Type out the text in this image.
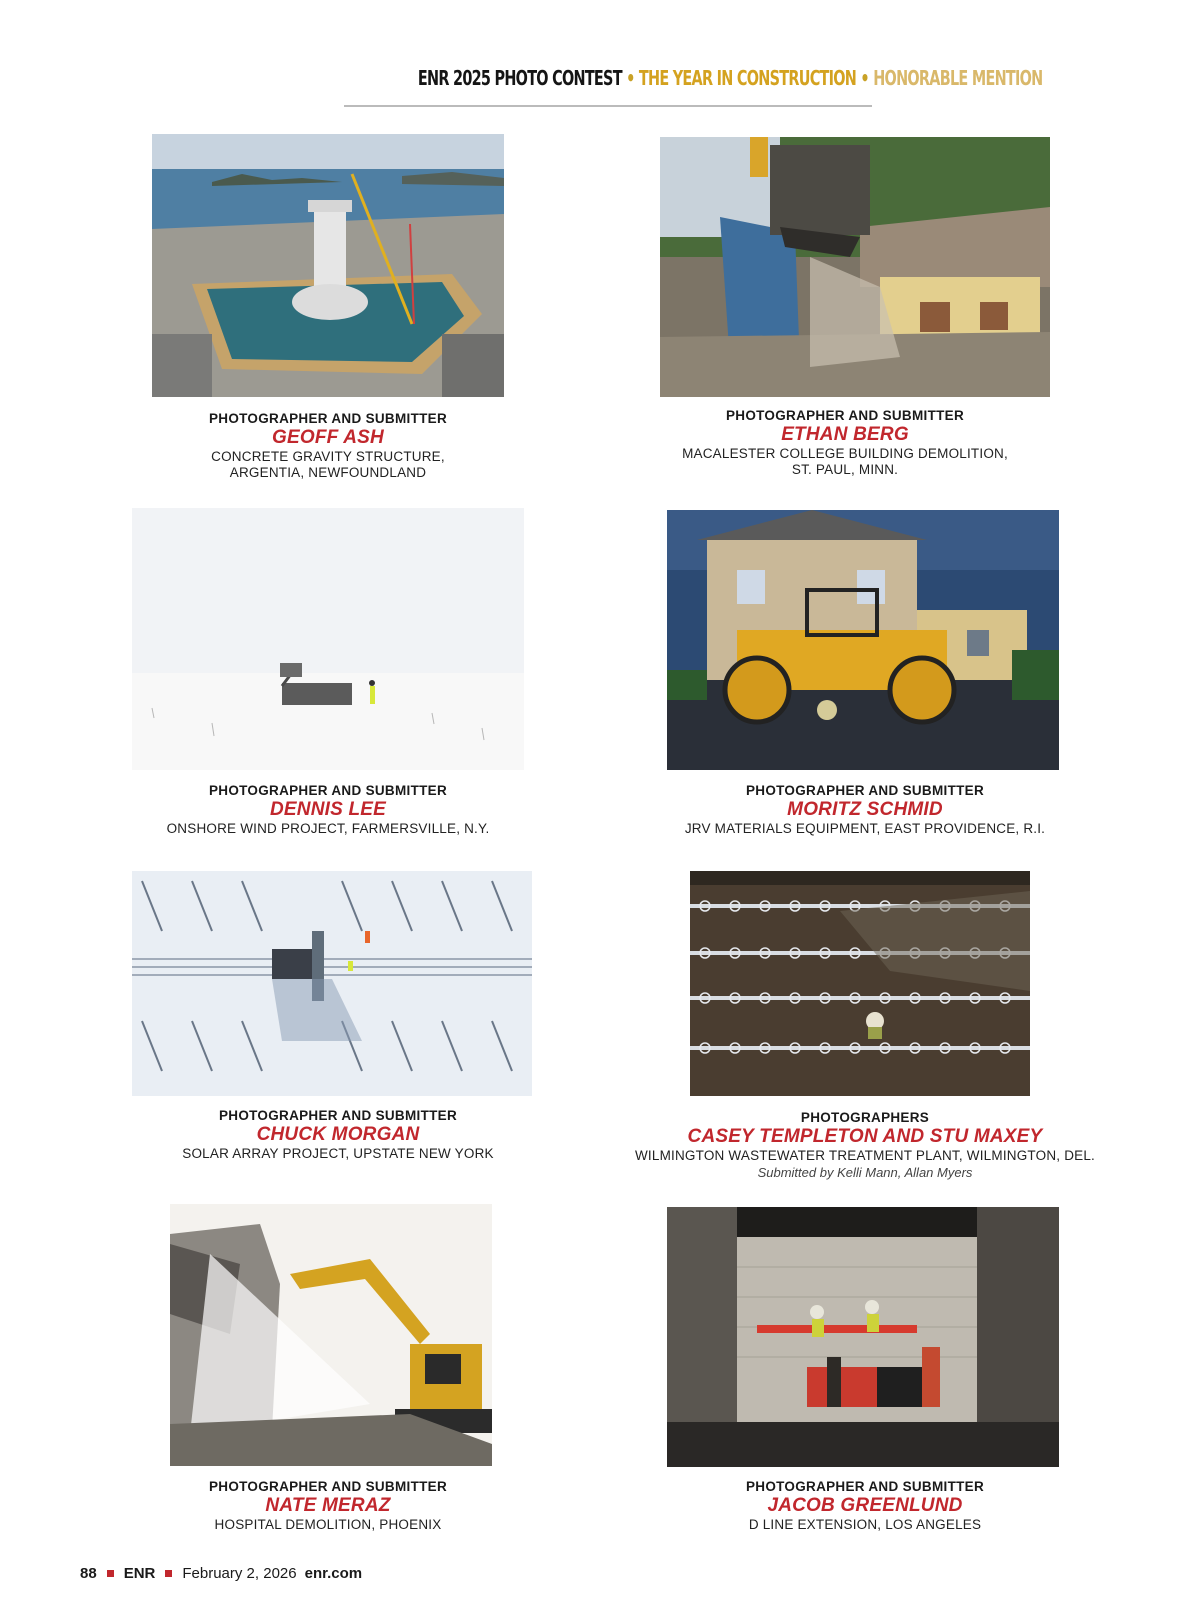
ENR 2025 PHOTO CONTEST • THE YEAR IN CONSTRUCTION • HONORABLE MENTION
PHOTOGRAPHER AND SUBMITTER
GEOFF ASH
CONCRETE GRAVITY STRUCTURE,
ARGENTIA, NEWFOUNDLAND
PHOTOGRAPHER AND SUBMITTER
ETHAN BERG
MACALESTER COLLEGE BUILDING DEMOLITION,
ST. PAUL, MINN.
PHOTOGRAPHER AND SUBMITTER
DENNIS LEE
ONSHORE WIND PROJECT, FARMERSVILLE, N.Y.
PHOTOGRAPHER AND SUBMITTER
MORITZ SCHMID
JRV MATERIALS EQUIPMENT, EAST PROVIDENCE, R.I.
PHOTOGRAPHER AND SUBMITTER
CHUCK MORGAN
SOLAR ARRAY PROJECT, UPSTATE NEW YORK
PHOTOGRAPHERS
CASEY TEMPLETON AND STU MAXEY
WILMINGTON WASTEWATER TREATMENT PLANT, WILMINGTON, DEL.
Submitted by Kelli Mann, Allan Myers
PHOTOGRAPHER AND SUBMITTER
NATE MERAZ
HOSPITAL DEMOLITION, PHOENIX
PHOTOGRAPHER AND SUBMITTER
JACOB GREENLUND
D LINE EXTENSION, LOS ANGELES
88 ENR February 2, 2026 enr.com
